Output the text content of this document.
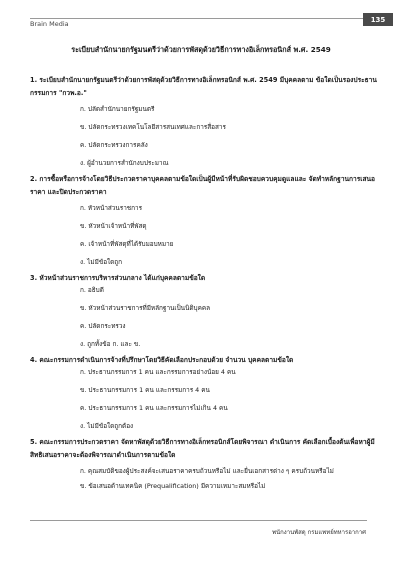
Brain Media
135
ระเบียบสำนักนายกรัฐมนตรีว่าด้วยการพัสดุด้วยวิธีการทางอิเล็กทรอนิกส์ พ.ศ. 2549
1. ระเบียบสำนักนายกรัฐมนตรีว่าด้วยการพัสดุด้วยวิธีการทางอิเล็กทรอนิกส์ พ.ศ. 2549 มีบุคคลตาม ข้อใดเป็นรองประธานกรรมการ "กวพ.อ."
ก. ปลัดสำนักนายกรัฐมนตรี
ข. ปลัดกระทรวงเทคโนโลยีสารสนเทศและการสื่อสาร
ค. ปลัดกระทรวงการคลัง
ง. ผู้อำนวยการสำนักงบประมาณ
2. การซื้อหรือการจ้างโดยวิธีประกวดราคาบุคคลตามข้อใดเป็นผู้มีหน้าที่รับผิดชอบควบคุมดูแลและ จัดทำหลักฐานการเสนอราคา และปิดประกวดราคา
ก. หัวหน้าส่วนราชการ
ข. หัวหน้าเจ้าหน้าที่พัสดุ
ค. เจ้าหน้าที่พัสดุที่ได้รับมอบหมาย
ง. ไม่มีข้อใดถูก
3. หัวหน้าส่วนราชการบริหารส่วนกลาง ได้แก่บุคคลตามข้อใด
ก. อธิบดี
ข. หัวหน้าส่วนราชการที่มีหลักฐานเป็นนิติบุคคล
ค. ปลัดกระทรวง
ง. ถูกทั้งข้อ ก. และ ข.
4. คณะกรรมการดำเนินการจ้างที่ปรึกษาโดยวิธีคัดเลือกประกอบด้วย จำนวน บุคคลตามข้อใด
ก. ประธานกรรมการ 1 คน และกรรมการอย่างน้อย 4 คน
ข. ประธานกรรมการ 1 คน และกรรมการ 4 คน
ค. ประธานกรรมการ 1 คน และกรรมการไม่เกิน 4 คน
ง. ไม่มีข้อใดถูกต้อง
5. คณะกรรมการประกวดราคา จัดหาพัสดุด้วยวิธีการทางอิเล็กทรอนิกส์โดยพิจารณา ดำเนินการ คัดเลือกเบื้องต้นเพื่อหาผู้มีสิทธิเสนอราคาจะต้องพิจารณาดำเนินการตามข้อใด
ก. คุณสมบัติของผู้ประสงค์จะเสนอราคาครบถ้วนหรือไม่ และยื่นเอกสารต่าง ๆ ครบถ้วนหรือไม่
ข. ข้อเสนอด้านเทคนิค (Prequalification) มีความเหมาะสมหรือไม่
พนักงานพัสดุ กรมแพทย์ทหารอากาศ
